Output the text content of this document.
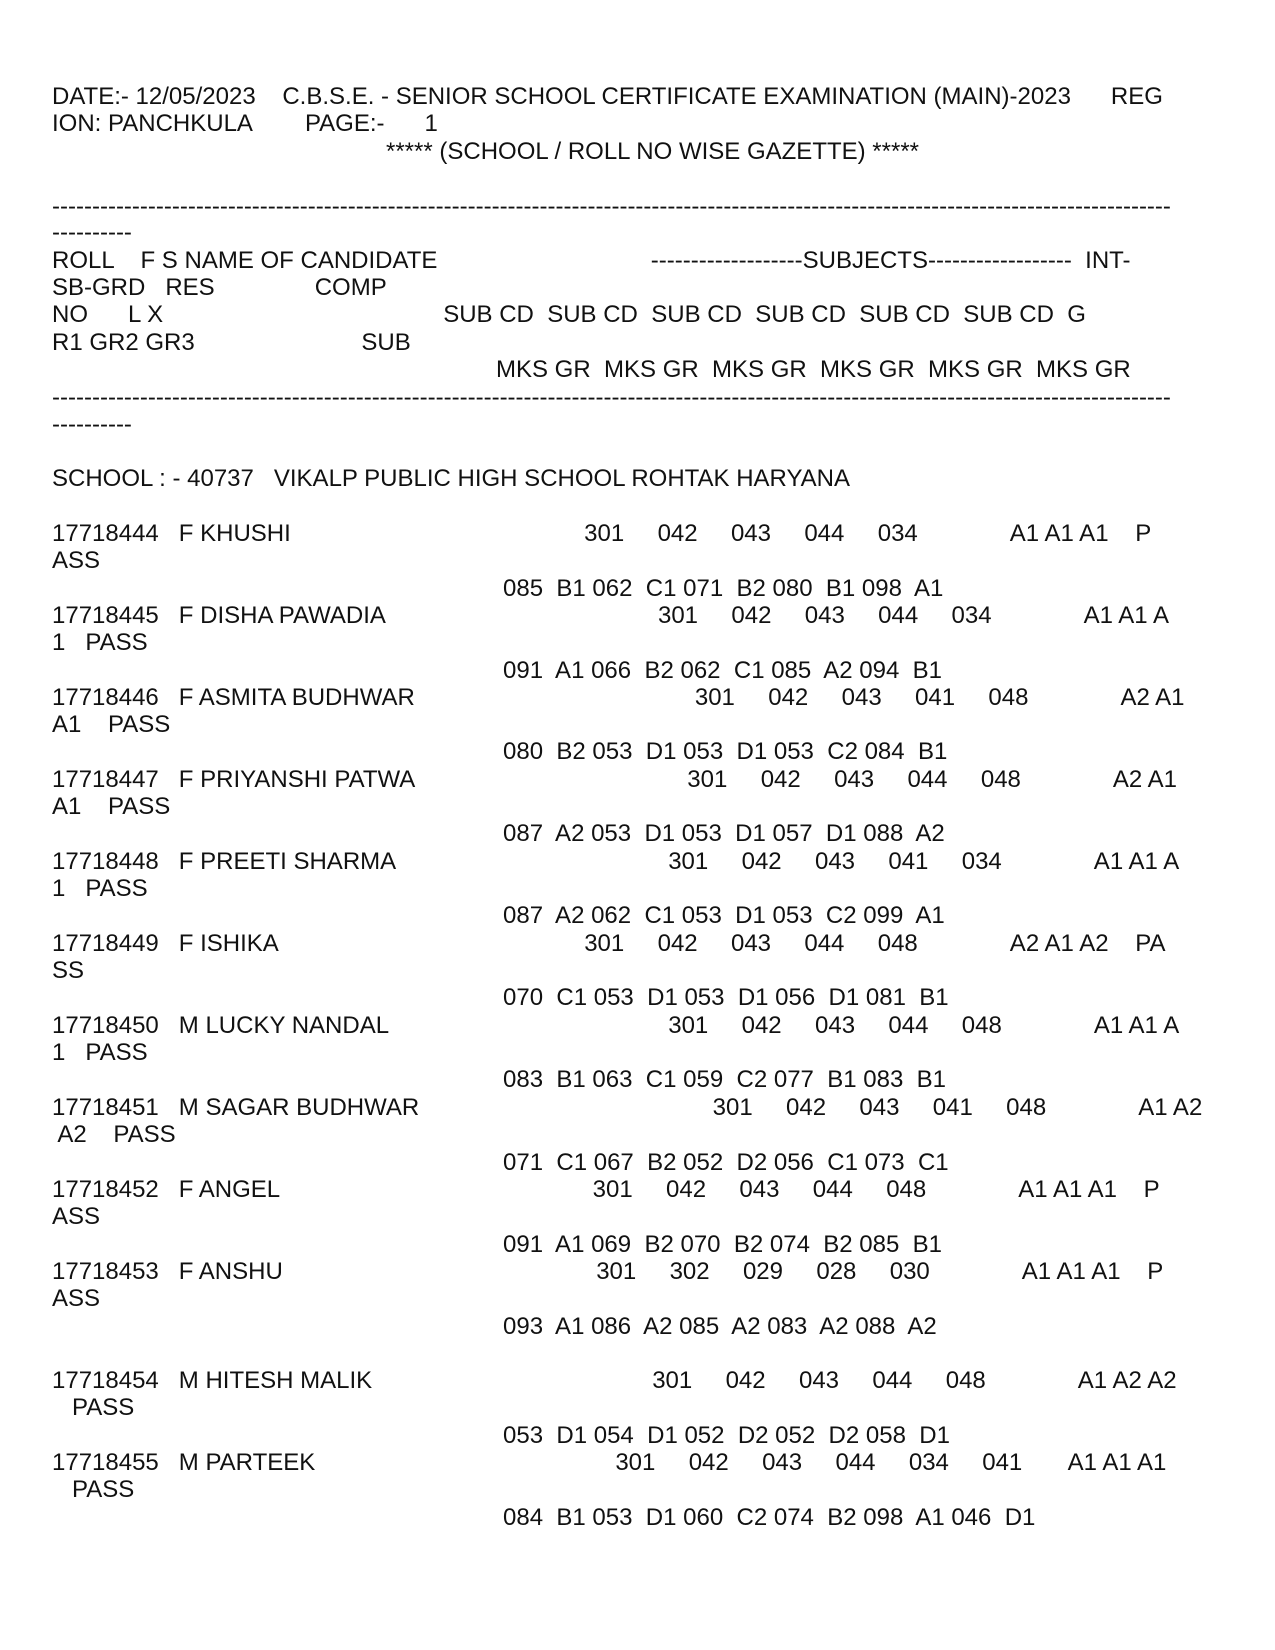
DATE:- 12/05/2023    C.B.S.E. - SENIOR SCHOOL CERTIFICATE EXAMINATION (MAIN)-2023      REG
ION: PANCHKULA        PAGE:-      1
***** (SCHOOL / ROLL NO WISE GAZETTE) *****
--------------------------------------------------------------------------------------------------------------------------------------------
----------
ROLL    F S NAME OF CANDIDATE                                -------------------SUBJECTS------------------  INT-
SB-GRD   RES               COMP
NO      L X                                          SUB CD  SUB CD  SUB CD  SUB CD  SUB CD  SUB CD  G
R1 GR2 GR3                         SUB
MKS GR  MKS GR  MKS GR  MKS GR  MKS GR  MKS GR
--------------------------------------------------------------------------------------------------------------------------------------------
----------
SCHOOL : - 40737   VIKALP PUBLIC HIGH SCHOOL ROHTAK HARYANA
17718444   F KHUSHI                                            301     042     043     044     034              A1 A1 A1    P
ASS
085  B1 062  C1 071  B2 080  B1 098  A1
17718445   F DISHA PAWADIA                                         301     042     043     044     034              A1 A1 A
1   PASS
091  A1 066  B2 062  C1 085  A2 094  B1
17718446   F ASMITA BUDHWAR                                          301     042     043     041     048              A2 A1
A1    PASS
080  B2 053  D1 053  D1 053  C2 084  B1
17718447   F PRIYANSHI PATWA                                         301     042     043     044     048              A2 A1
A1    PASS
087  A2 053  D1 053  D1 057  D1 088  A2
17718448   F PREETI SHARMA                                         301     042     043     041     034              A1 A1 A
1   PASS
087  A2 062  C1 053  D1 053  C2 099  A1
17718449   F ISHIKA                                              301     042     043     044     048              A2 A1 A2    PA
SS
070  C1 053  D1 053  D1 056  D1 081  B1
17718450   M LUCKY NANDAL                                          301     042     043     044     048              A1 A1 A
1   PASS
083  B1 063  C1 059  C2 077  B1 083  B1
17718451   M SAGAR BUDHWAR                                            301     042     043     041     048              A1 A2
A2    PASS
071  C1 067  B2 052  D2 056  C1 073  C1
17718452   F ANGEL                                               301     042     043     044     048              A1 A1 A1    P
ASS
091  A1 069  B2 070  B2 074  B2 085  B1
17718453   F ANSHU                                               301     302     029     028     030              A1 A1 A1    P
ASS
093  A1 086  A2 085  A2 083  A2 088  A2
17718454   M HITESH MALIK                                          301     042     043     044     048              A1 A2 A2
PASS
053  D1 054  D1 052  D2 052  D2 058  D1
17718455   M PARTEEK                                             301     042     043     044     034     041       A1 A1 A1
PASS
084  B1 053  D1 060  C2 074  B2 098  A1 046  D1
